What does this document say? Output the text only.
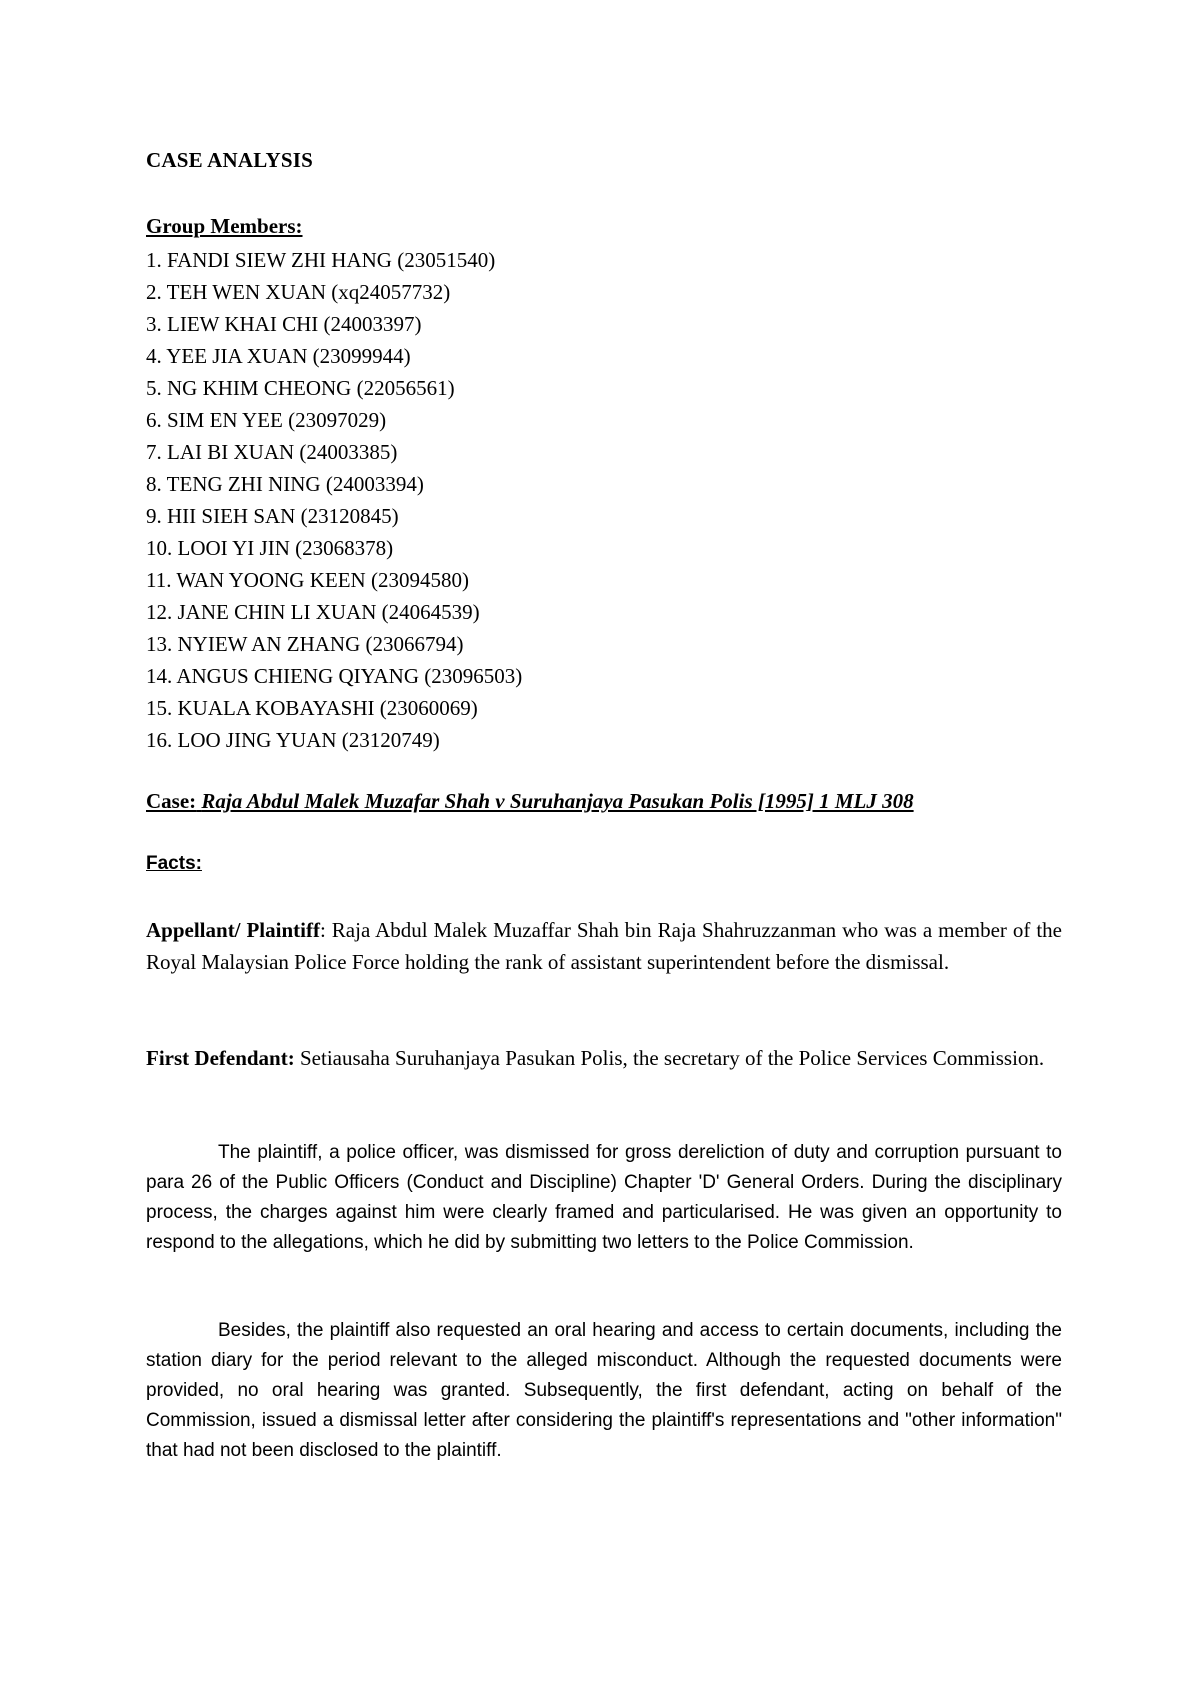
CASE ANALYSIS
Group Members:
1. FANDI SIEW ZHI HANG (23051540)
2. TEH WEN XUAN (xq24057732)
3. LIEW KHAI CHI (24003397)
4. YEE JIA XUAN (23099944)
5. NG KHIM CHEONG (22056561)
6. SIM EN YEE (23097029)
7. LAI BI XUAN (24003385)
8. TENG ZHI NING (24003394)
9. HII SIEH SAN (23120845)
10. LOOI YI JIN (23068378)
11. WAN YOONG KEEN (23094580)
12. JANE CHIN LI XUAN (24064539)
13. NYIEW AN ZHANG (23066794)
14. ANGUS CHIENG QIYANG (23096503)
15. KUALA KOBAYASHI (23060069)
16. LOO JING YUAN (23120749)
Case: Raja Abdul Malek Muzafar Shah v Suruhanjaya Pasukan Polis [1995] 1 MLJ 308
Facts:

Appellant/ Plaintiff: Raja Abdul Malek Muzaffar Shah bin Raja Shahruzzanman who was a member of the Royal Malaysian Police Force holding the rank of assistant superintendent before the dismissal.

First Defendant: Setiausaha Suruhanjaya Pasukan Polis, the secretary of the Police Services Commission.

The plaintiff, a police officer, was dismissed for gross dereliction of duty and corruption pursuant to para 26 of the Public Officers (Conduct and Discipline) Chapter 'D' General Orders. During the disciplinary process, the charges against him were clearly framed and particularised. He was given an opportunity to respond to the allegations, which he did by submitting two letters to the Police Commission.

Besides, the plaintiff also requested an oral hearing and access to certain documents, including the station diary for the period relevant to the alleged misconduct. Although the requested documents were provided, no oral hearing was granted. Subsequently, the first defendant, acting on behalf of the Commission, issued a dismissal letter after considering the plaintiff's representations and "other information" that had not been disclosed to the plaintiff.
